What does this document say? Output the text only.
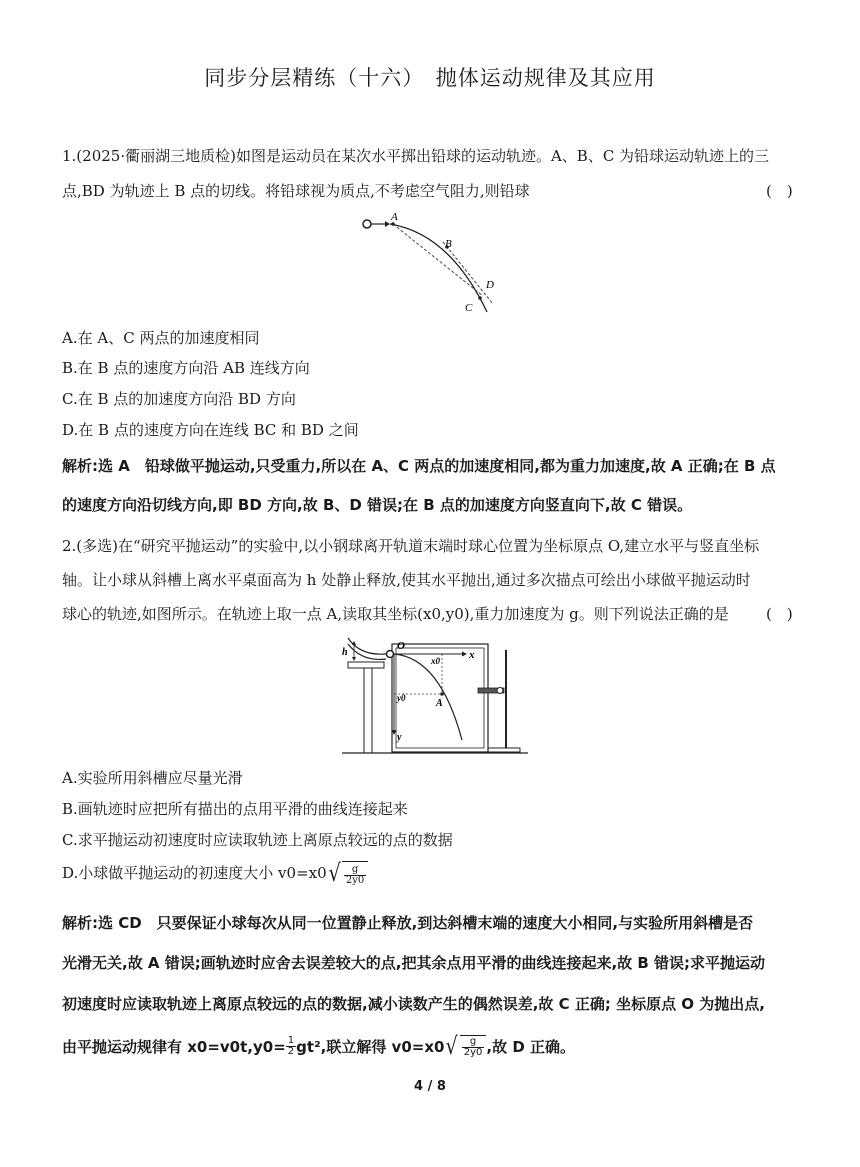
同步分层精练（十六）　抛体运动规律及其应用
1.(2025·衢丽湖三地质检)如图是运动员在某次水平掷出铅球的运动轨迹。A、B、C 为铅球运动轨迹上的三
点,BD 为轨迹上 B 点的切线。将铅球视为质点,不考虑空气阻力,则铅球	(　)
A
B
C
D
A.在 A、C 两点的加速度相同
B.在 B 点的速度方向沿 AB 连线方向
C.在 B 点的加速度方向沿 BD 方向
D.在 B 点的速度方向在连线 BC 和 BD 之间
解析:选 A　铅球做平抛运动,只受重力,所以在 A、C 两点的加速度相同,都为重力加速度,故 A 正确;在 B 点
的速度方向沿切线方向,即 BD 方向,故 B、D 错误;在 B 点的加速度方向竖直向下,故 C 错误。
2.(多选)在“研究平抛运动”的实验中,以小钢球离开轨道末端时球心位置为坐标原点 O,建立水平与竖直坐标
轴。让小球从斜槽上离水平桌面高为 h 处静止释放,使其水平抛出,通过多次描点可绘出小球做平抛运动时
球心的轨迹,如图所示。在轨迹上取一点 A,读取其坐标(x0,y0),重力加速度为 g。则下列说法正确的是 (　)
h
O
x0	x
y0	A
y
A.实验所用斜槽应尽量光滑
B.画轨迹时应把所有描出的点用平滑的曲线连接起来
C.求平抛运动初速度时应读取轨迹上离原点较远的点的数据
D.小球做平抛运动的初速度大小 $v0=x0√ \frac{g}{2y0}$
解析:选 CD　只要保证小球每次从同一位置静止释放,到达斜槽末端的速度大小相同,与实验所用斜槽是否
光滑无关,故 A 错误;画轨迹时应舍去误差较大的点,把其余点用平滑的曲线连接起来,故 B 错误;求平抛运动
初速度时应读取轨迹上离原点较远的点的数据,减小读数产生的偶然误差,故 C 正确; 坐标原点 O 为抛出点,
由平抛运动规律有 $x0=v0t,y0= \frac{1}{2} gt^2$,联立解得 $v0=x0√ \frac{g}{2y0}$ ,故 D 正确。
4 / 8
